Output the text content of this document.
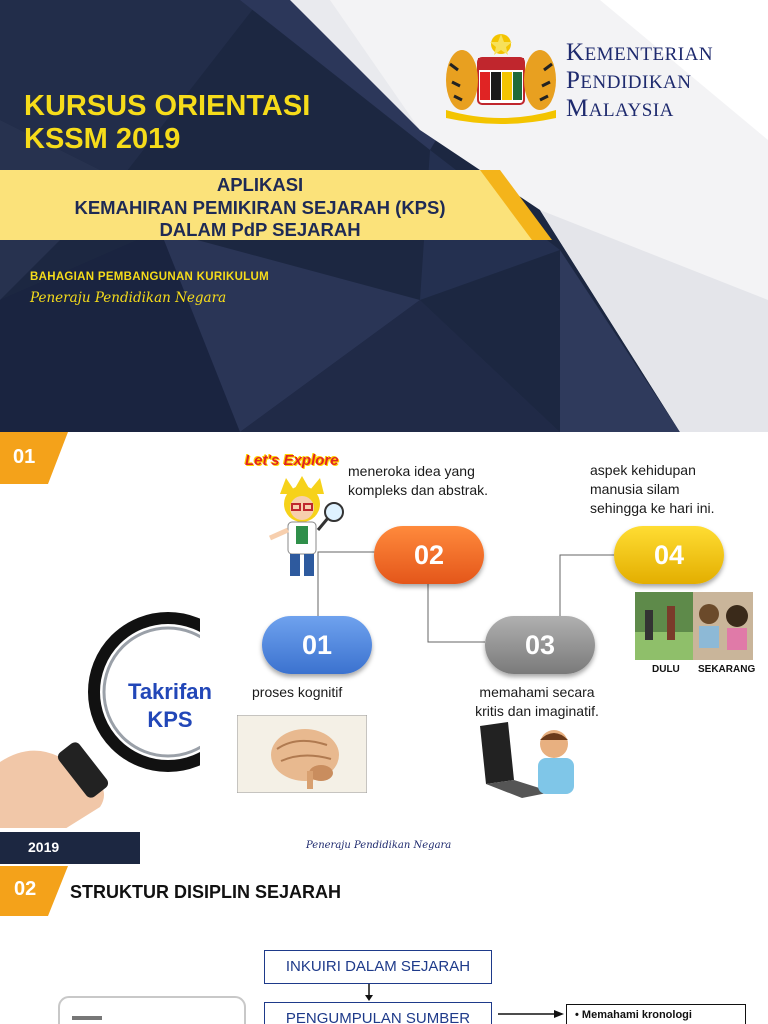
KURSUS ORIENTASI
KSSM 2019
APLIKASI
KEMAHIRAN PEMIKIRAN SEJARAH (KPS)
DALAM PdP SEJARAH
BAHAGIAN PEMBANGUNAN KURIKULUM
Peneraju Pendidikan Negara
KEMENTERIAN
PENDIDIKAN
MALAYSIA
01
Takrifan
KPS
Let's Explore
02
01	03
04
meneroka idea yang
kompleks dan abstrak.
aspek kehidupan
manusia silam
sehingga ke hari ini.
proses kognitif	memahami secara
kritis dan imaginatif.
DULU SEKARANG
2019	Peneraju Pendidikan Negara
02 STRUKTUR DISIPLIN SEJARAH
INKUIRI DALAM SEJARAH
PENGUMPULAN SUMBER	• Memahami kronologi
